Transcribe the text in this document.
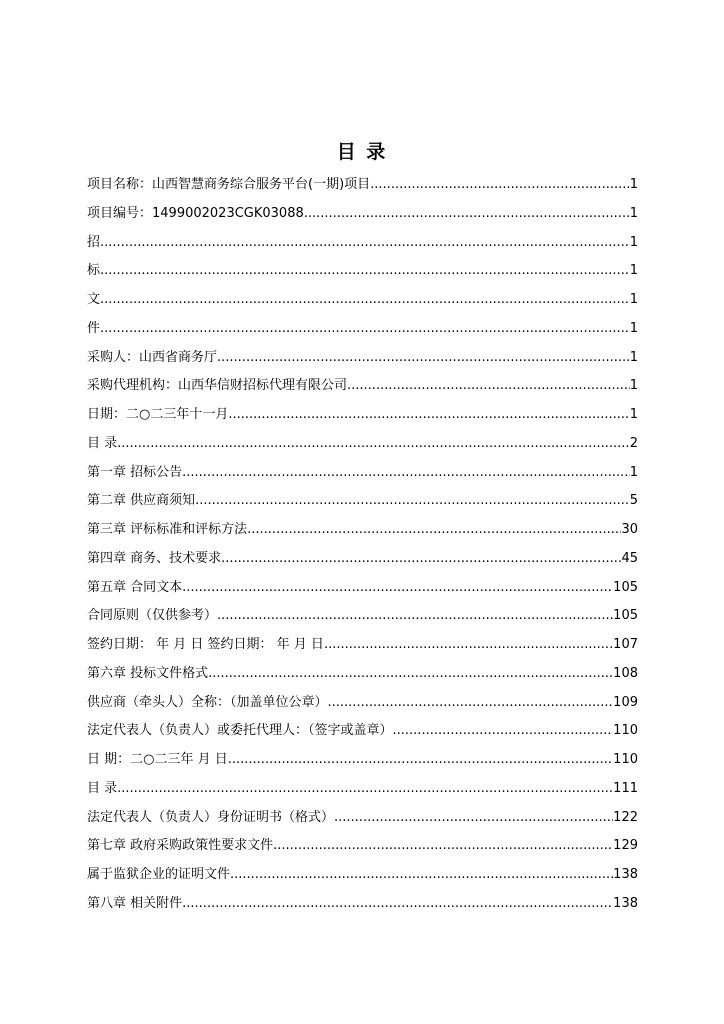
目 录
项目名称：山西智慧商务综合服务平台(一期)项目 .....	1
项目编号：1499002023CGK03088 .....	1
招 .....	1
标 .....	1
文 .....	1
件 .....	1
采购人：山西省商务厅 .....	1
采购代理机构：山西华信财招标代理有限公司 .....	1
日期：二○二三年十一月 .....	1
目 录 .....	2
第一章 招标公告 .....	1
第二章 供应商须知 .....	5
第三章 评标标准和评标方法 .....	30
第四章 商务、技术要求 .....	45
第五章 合同文本 .....	105
合同原则（仅供参考） .....	105
签约日期： 年 月 日 签约日期： 年 月 日 .....	107
第六章 投标文件格式 .....	108
供应商（牵头人）全称：（加盖单位公章） .....	109
法定代表人（负责人）或委托代理人：（签字或盖章） .....	110
日 期：二○二三年 月 日 .....	110
目 录 .....	111
法定代表人（负责人）身份证明书（格式） .....	122
第七章 政府采购政策性要求文件 .....	129
属于监狱企业的证明文件 .....	138
第八章 相关附件 .....	138
